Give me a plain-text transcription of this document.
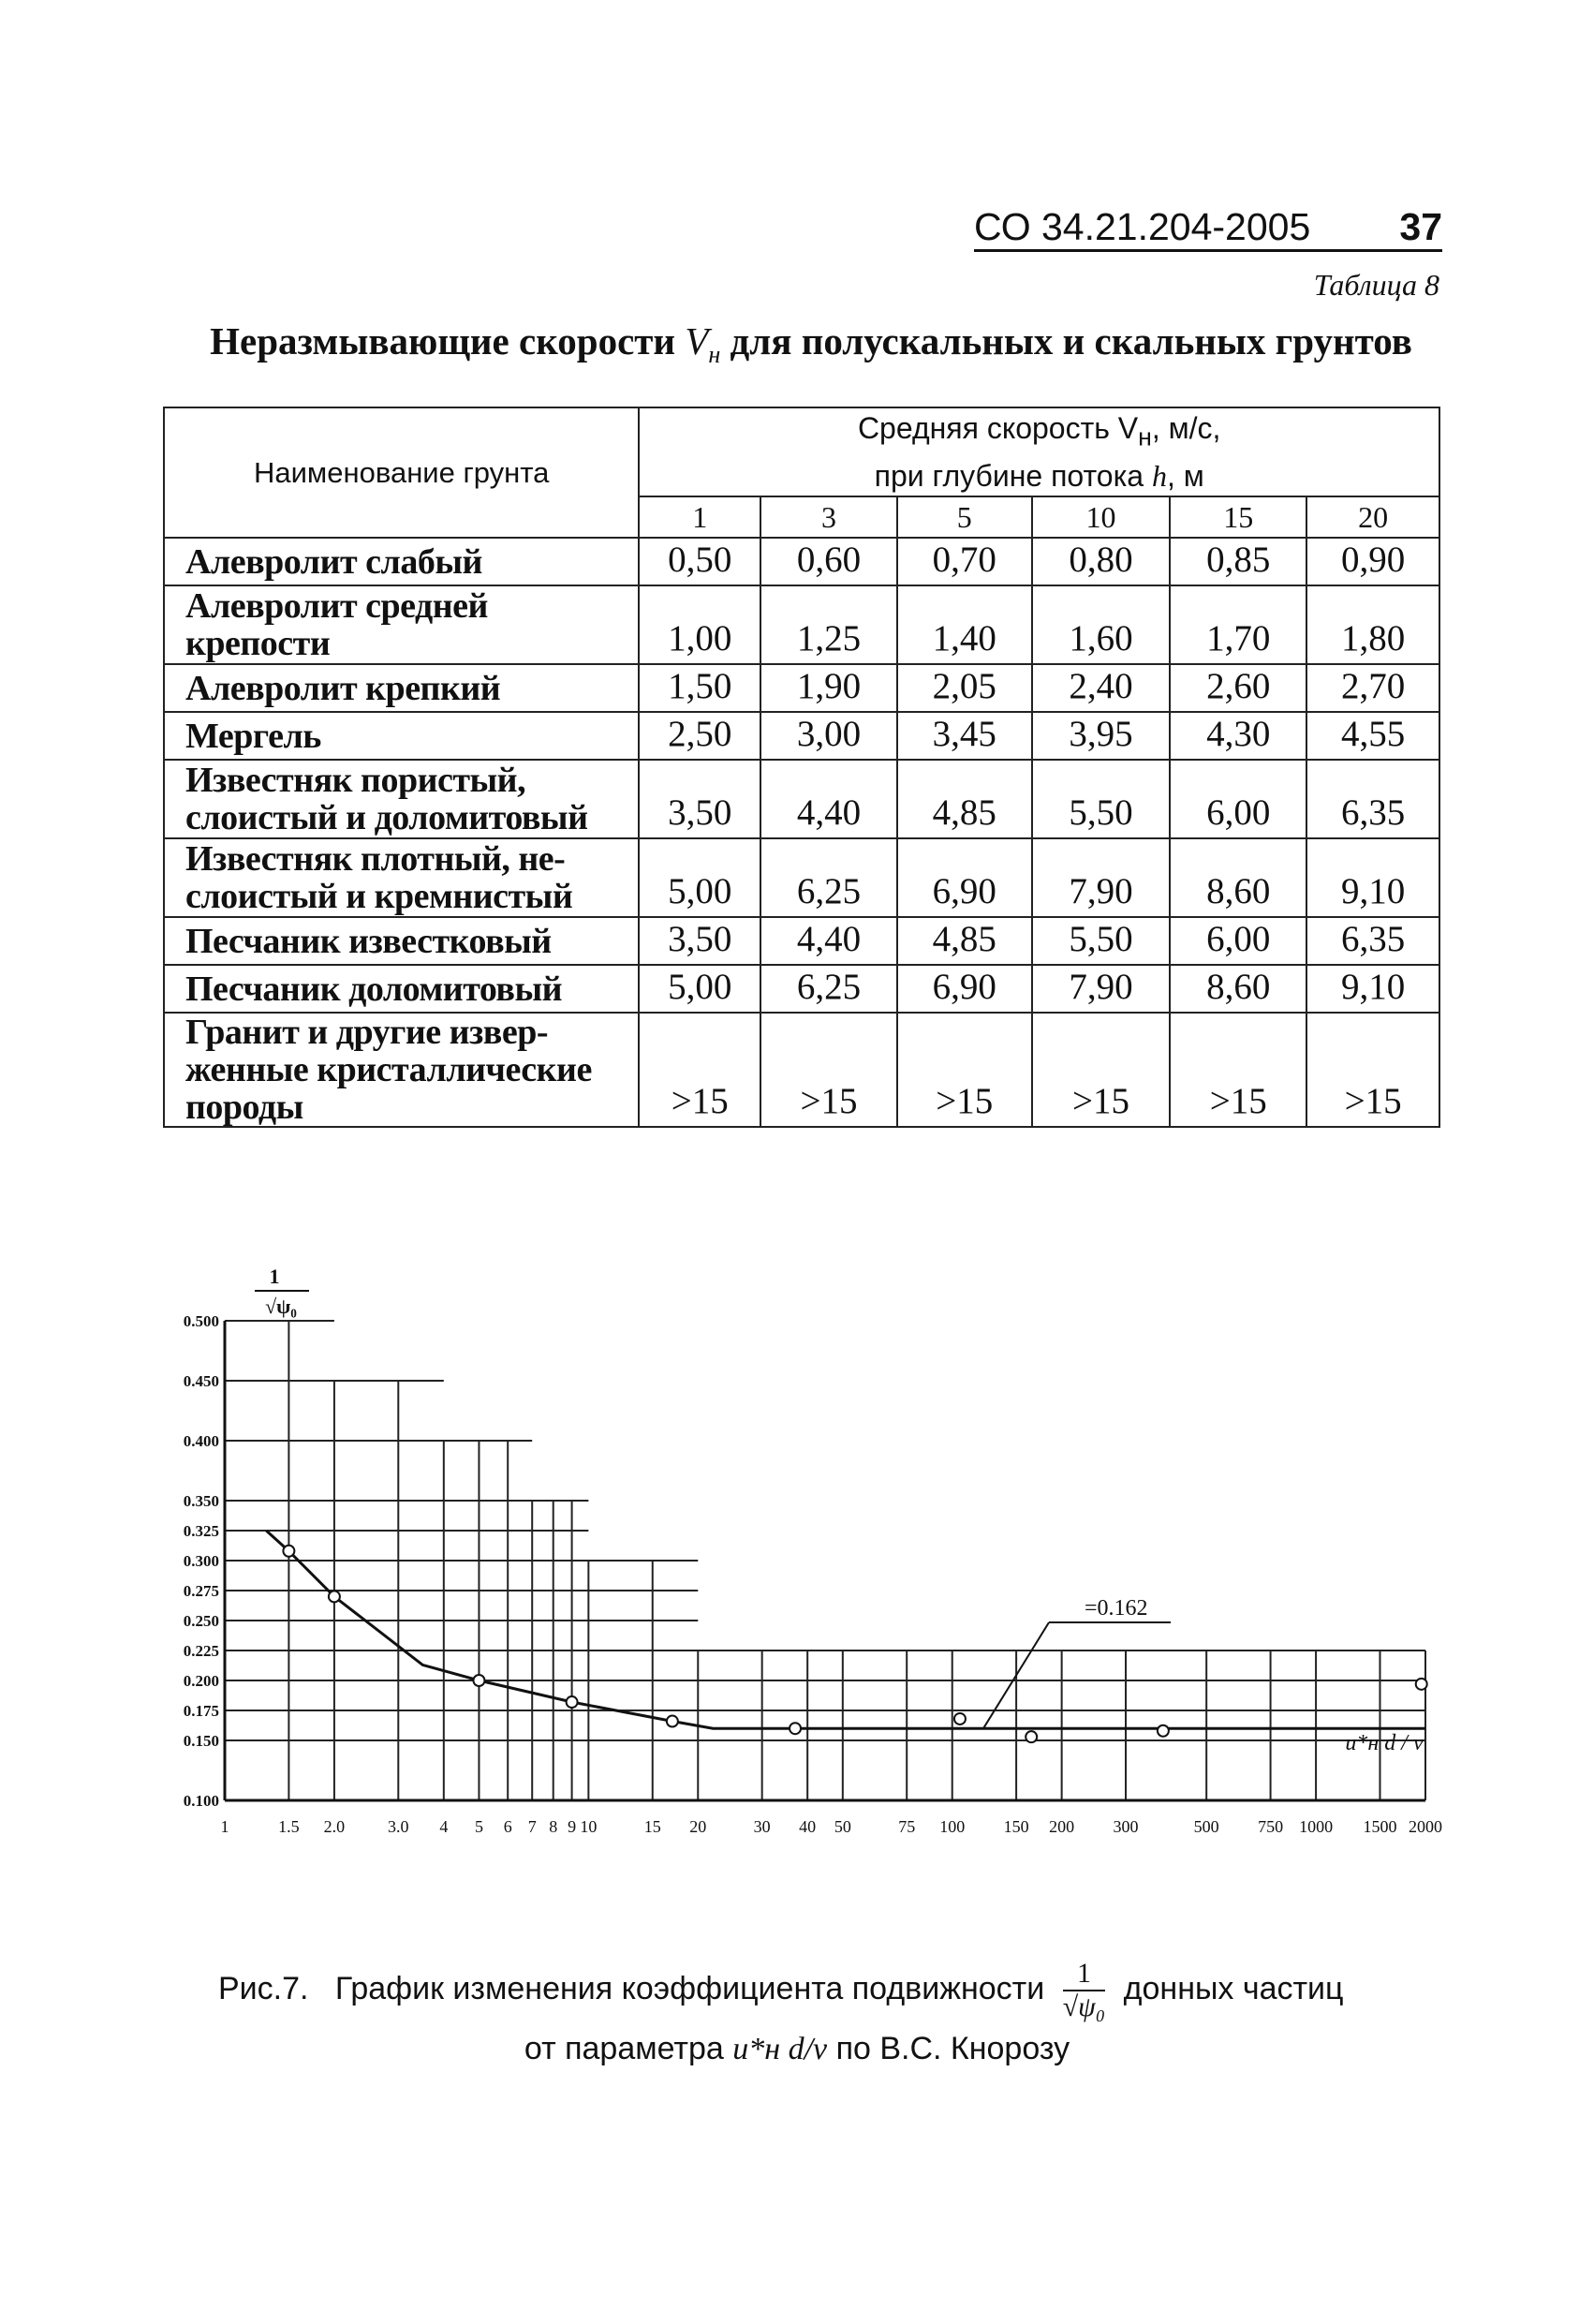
СО 34.21.204-2005 37
Таблица 8
Неразмывающие скорости $V_н$ для полускальных и скальных грунтов
Наименование грунта	Средняя скорость $V_н$, м/с,
при глубине потока h, м					
	1	3	5	10	15	20
Алевролит слабый	0,50	0,60	0,70	0,80	0,85	0,90
Алевролит средней крепости	1,00	1,25	1,40	1,60	1,70	1,80
Алевролит крепкий	1,50	1,90	2,05	2,40	2,60	2,70
Мергель	2,50	3,00	3,45	3,95	4,30	4,55
Известняк пористый, слоистый и доломитовый	3,50	4,40	4,85	5,50	6,00	6,35
Известняк плотный, не-слоистый и кремнистый	5,00	6,25	6,90	7,90	8,60	9,10
Песчаник известковый	3,50	4,40	4,85	5,50	6,00	6,35
Песчаник доломитовый	5,00	6,25	6,90	7,90	8,60	9,10
Гранит и другие извер-женные кристаллические породы	>15	>15	>15	>15	>15	>15
0.500
0.450
0.400
0.350
0.325
0.300
0.275
0.250
0.225
0.200
0.175
0.150
0.100
1	1.5 2.0	3.0 4 5 6 7 8 9 10	15 20	30 40 50	75 100 150 200 300	500 750 1000 1500 2000
1
√ψ₀
u*н d / ν
=0.162
Рис.7. График изменения коэффициента подвижности $\frac{1}{\text{√ψ₀}}$ донных частиц
от параметра u*н d/ν по В.С. Кнорозу
